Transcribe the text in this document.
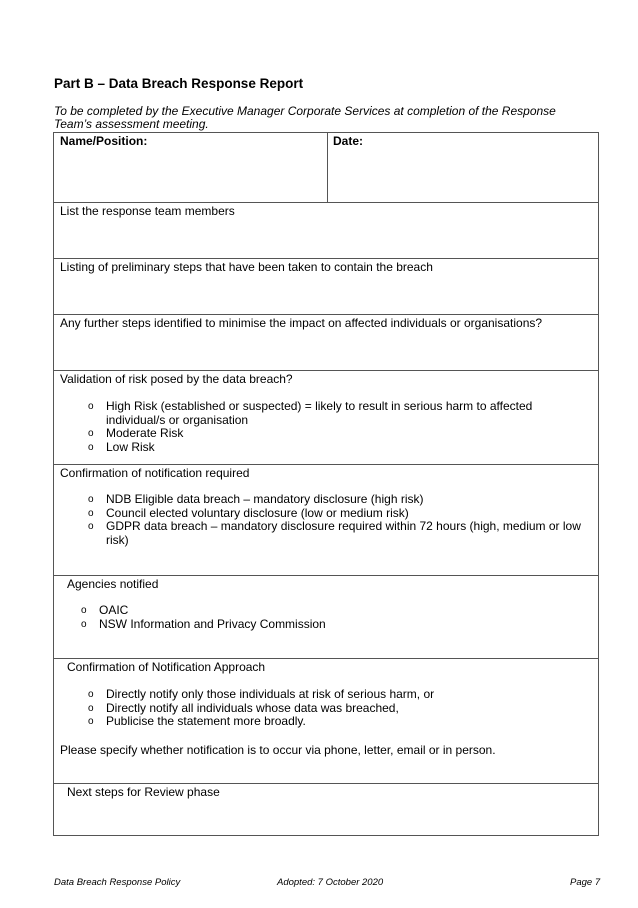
Part B – Data Breach Response Report
To be completed by the Executive Manager Corporate Services at completion of the Response Team’s assessment meeting.
Name/Position:	Date:
List the response team members
Listing of preliminary steps that have been taken to contain the breach
Any further steps identified to minimise the impact on affected individuals or organisations?
Validation of risk posed by the data breach?
o High Risk (established or suspected) = likely to result in serious harm to affected individual/s or organisation
o Moderate Risk
o Low Risk
Confirmation of notification required
o NDB Eligible data breach – mandatory disclosure (high risk)
o Council elected voluntary disclosure (low or medium risk)
o GDPR data breach – mandatory disclosure required within 72 hours (high, medium or low risk)
Agencies notified
o OAIC
o NSW Information and Privacy Commission
Confirmation of Notification Approach
o Directly notify only those individuals at risk of serious harm, or
o Directly notify all individuals whose data was breached,
o Publicise the statement more broadly.
Please specify whether notification is to occur via phone, letter, email or in person.
Next steps for Review phase
Data Breach Response Policy	Adopted: 7 October 2020	Page 7
